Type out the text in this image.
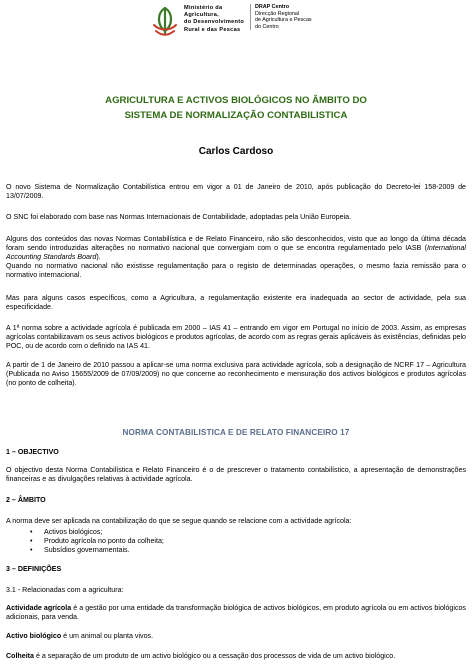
Ministério da
Agricultura,
do Desenvolvimento
Rural e das Pescas
DRAP Centro
Direcção Regional
de Agricultura e Pescas
do Centro
AGRICULTURA E ACTIVOS BIOLÓGICOS NO ÂMBITO DO
SISTEMA DE NORMALIZAÇÃO CONTABILISTICA
Carlos Cardoso

O novo Sistema de Normalização Contabilística entrou em vigor a 01 de Janeiro de 2010, após publicação do Decreto-lei 158-2009 de 13/07/2009.

O SNC foi elaborado com base nas Normas Internacionais de Contabilidade, adoptadas pela União Europeia.

Alguns dos conteúdos das novas Normas Contabilística e de Relato Financeiro, não são desconhecidos, visto que ao longo da última década foram sendo introduzidas alterações no normativo nacional que convergiam com o que se encontra regulamentado pelo IASB (International Accounting Standards Board).
Quando no normativo nacional não existisse regulamentação para o registo de determinadas operações, o mesmo fazia remissão para o normativo internacional.

Mas para alguns casos específicos, como a Agricultura, a regulamentação existente era inadequada ao sector de actividade, pela sua especificidade.

A 1ª norma sobre a actividade agrícola é publicada em 2000 – IAS 41 – entrando em vigor em Portugal no início de 2003. Assim, as empresas agrícolas contabilizavam os seus activos biológicos e produtos agrícolas, de acordo com as regras gerais aplicáveis às existências, definidas pelo POC, ou de acordo com o definido na IAS 41.

A partir de 1 de Janeiro de 2010 passou a aplicar-se uma norma exclusiva para actividade agrícola, sob a designação de NCRF 17 – Agricultura (Publicada no Aviso 15655/2009 de 07/09/2009) no que concerne ao reconhecimento e mensuração dos activos biológicos e produtos agrícolas (no ponto de colheita).

NORMA CONTABILISTICA E DE RELATO FINANCEIRO 17

1 – OBJECTIVO

O objectivo desta Norma Contabilística e Relato Financeiro é o de prescrever o tratamento contabilístico, a apresentação de demonstrações financeiras e as divulgações relativas à actividade agrícola.

2 – ÂMBITO

A norma deve ser aplicada na contabilização do que se segue quando se relacione com a actividade agrícola:

• Activos biológicos;
• Produto agrícola no ponto da colheita;
• Subsídios governamentais.

3 – DEFINIÇÕES

3.1 - Relacionadas com a agricultura:

Actividade agrícola é a gestão por uma entidade da transformação biológica de activos biológicos, em produto agrícola ou em activos biológicos adicionais, para venda.

Activo biológico é um animal ou planta vivos.

Colheita é a separação de um produto de um activo biológico ou a cessação dos processos de vida de um activo biológico.
